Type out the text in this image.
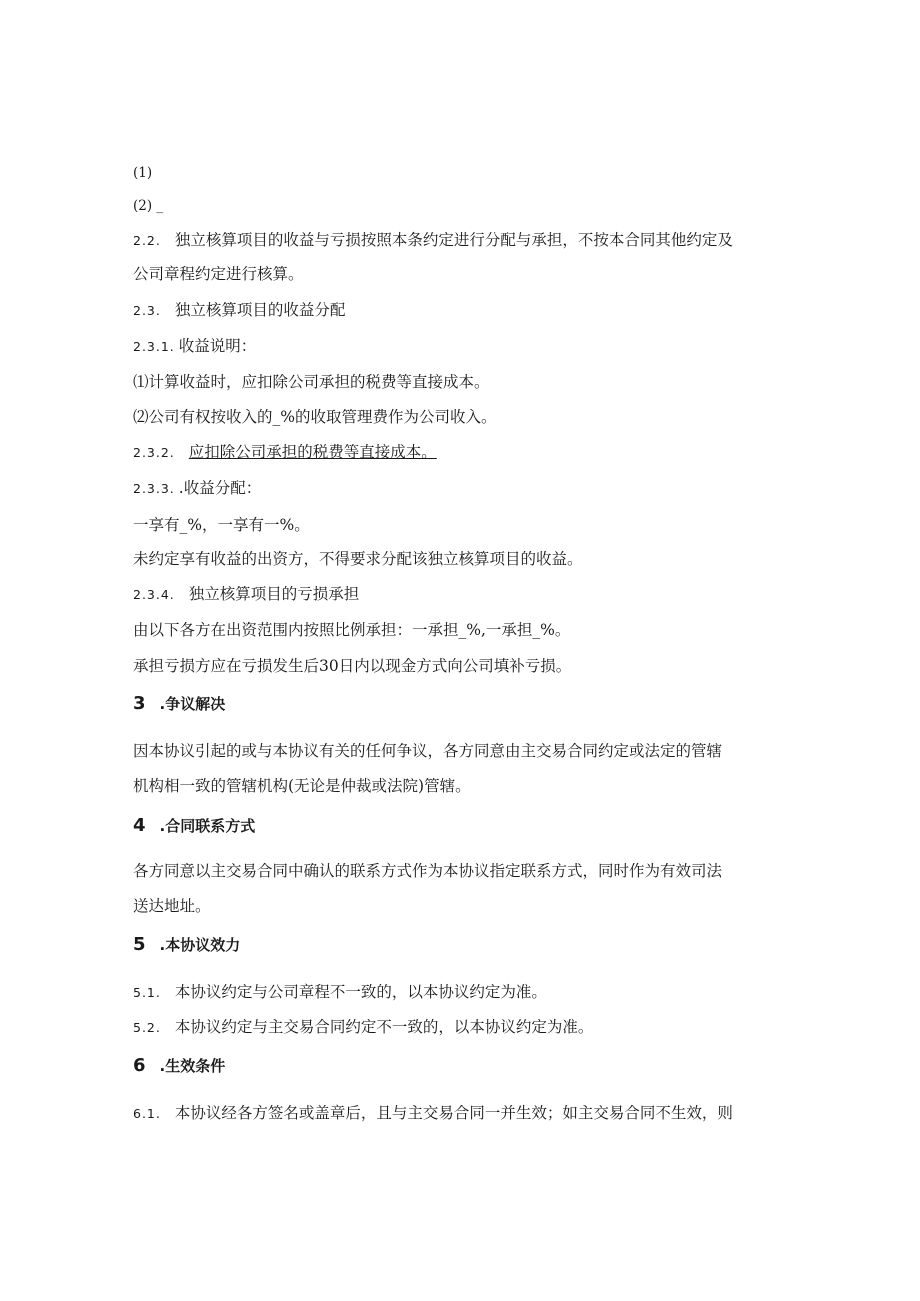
(1)
(2) _
2.2. 独立核算项目的收益与亏损按照本条约定进行分配与承担，不按本合同其他约定及
公司章程约定进行核算。
2.3. 独立核算项目的收益分配
2.3.1. 收益说明：
⑴计算收益时，应扣除公司承担的税费等直接成本。
⑵公司有权按收入的_%的收取管理费作为公司收入。
2.3.2. 应扣除公司承担的税费等直接成本。
2.3.3. .收益分配：
一享有_%，一享有一%。
未约定享有收益的出资方，不得要求分配该独立核算项目的收益。
2.3.4. 独立核算项目的亏损承担
由以下各方在出资范围内按照比例承担：一承担_%,一承担_%。
承担亏损方应在亏损发生后30日内以现金方式向公司填补亏损。
3 .争议解决
因本协议引起的或与本协议有关的任何争议，各方同意由主交易合同约定或法定的管辖
机构相一致的管辖机构(无论是仲裁或法院)管辖。
4 .合同联系方式
各方同意以主交易合同中确认的联系方式作为本协议指定联系方式，同时作为有效司法
送达地址。
5 .本协议效力
5.1. 本协议约定与公司章程不一致的，以本协议约定为准。
5.2. 本协议约定与主交易合同约定不一致的，以本协议约定为准。
6 .生效条件
6.1. 本协议经各方签名或盖章后，且与主交易合同一并生效；如主交易合同不生效，则
